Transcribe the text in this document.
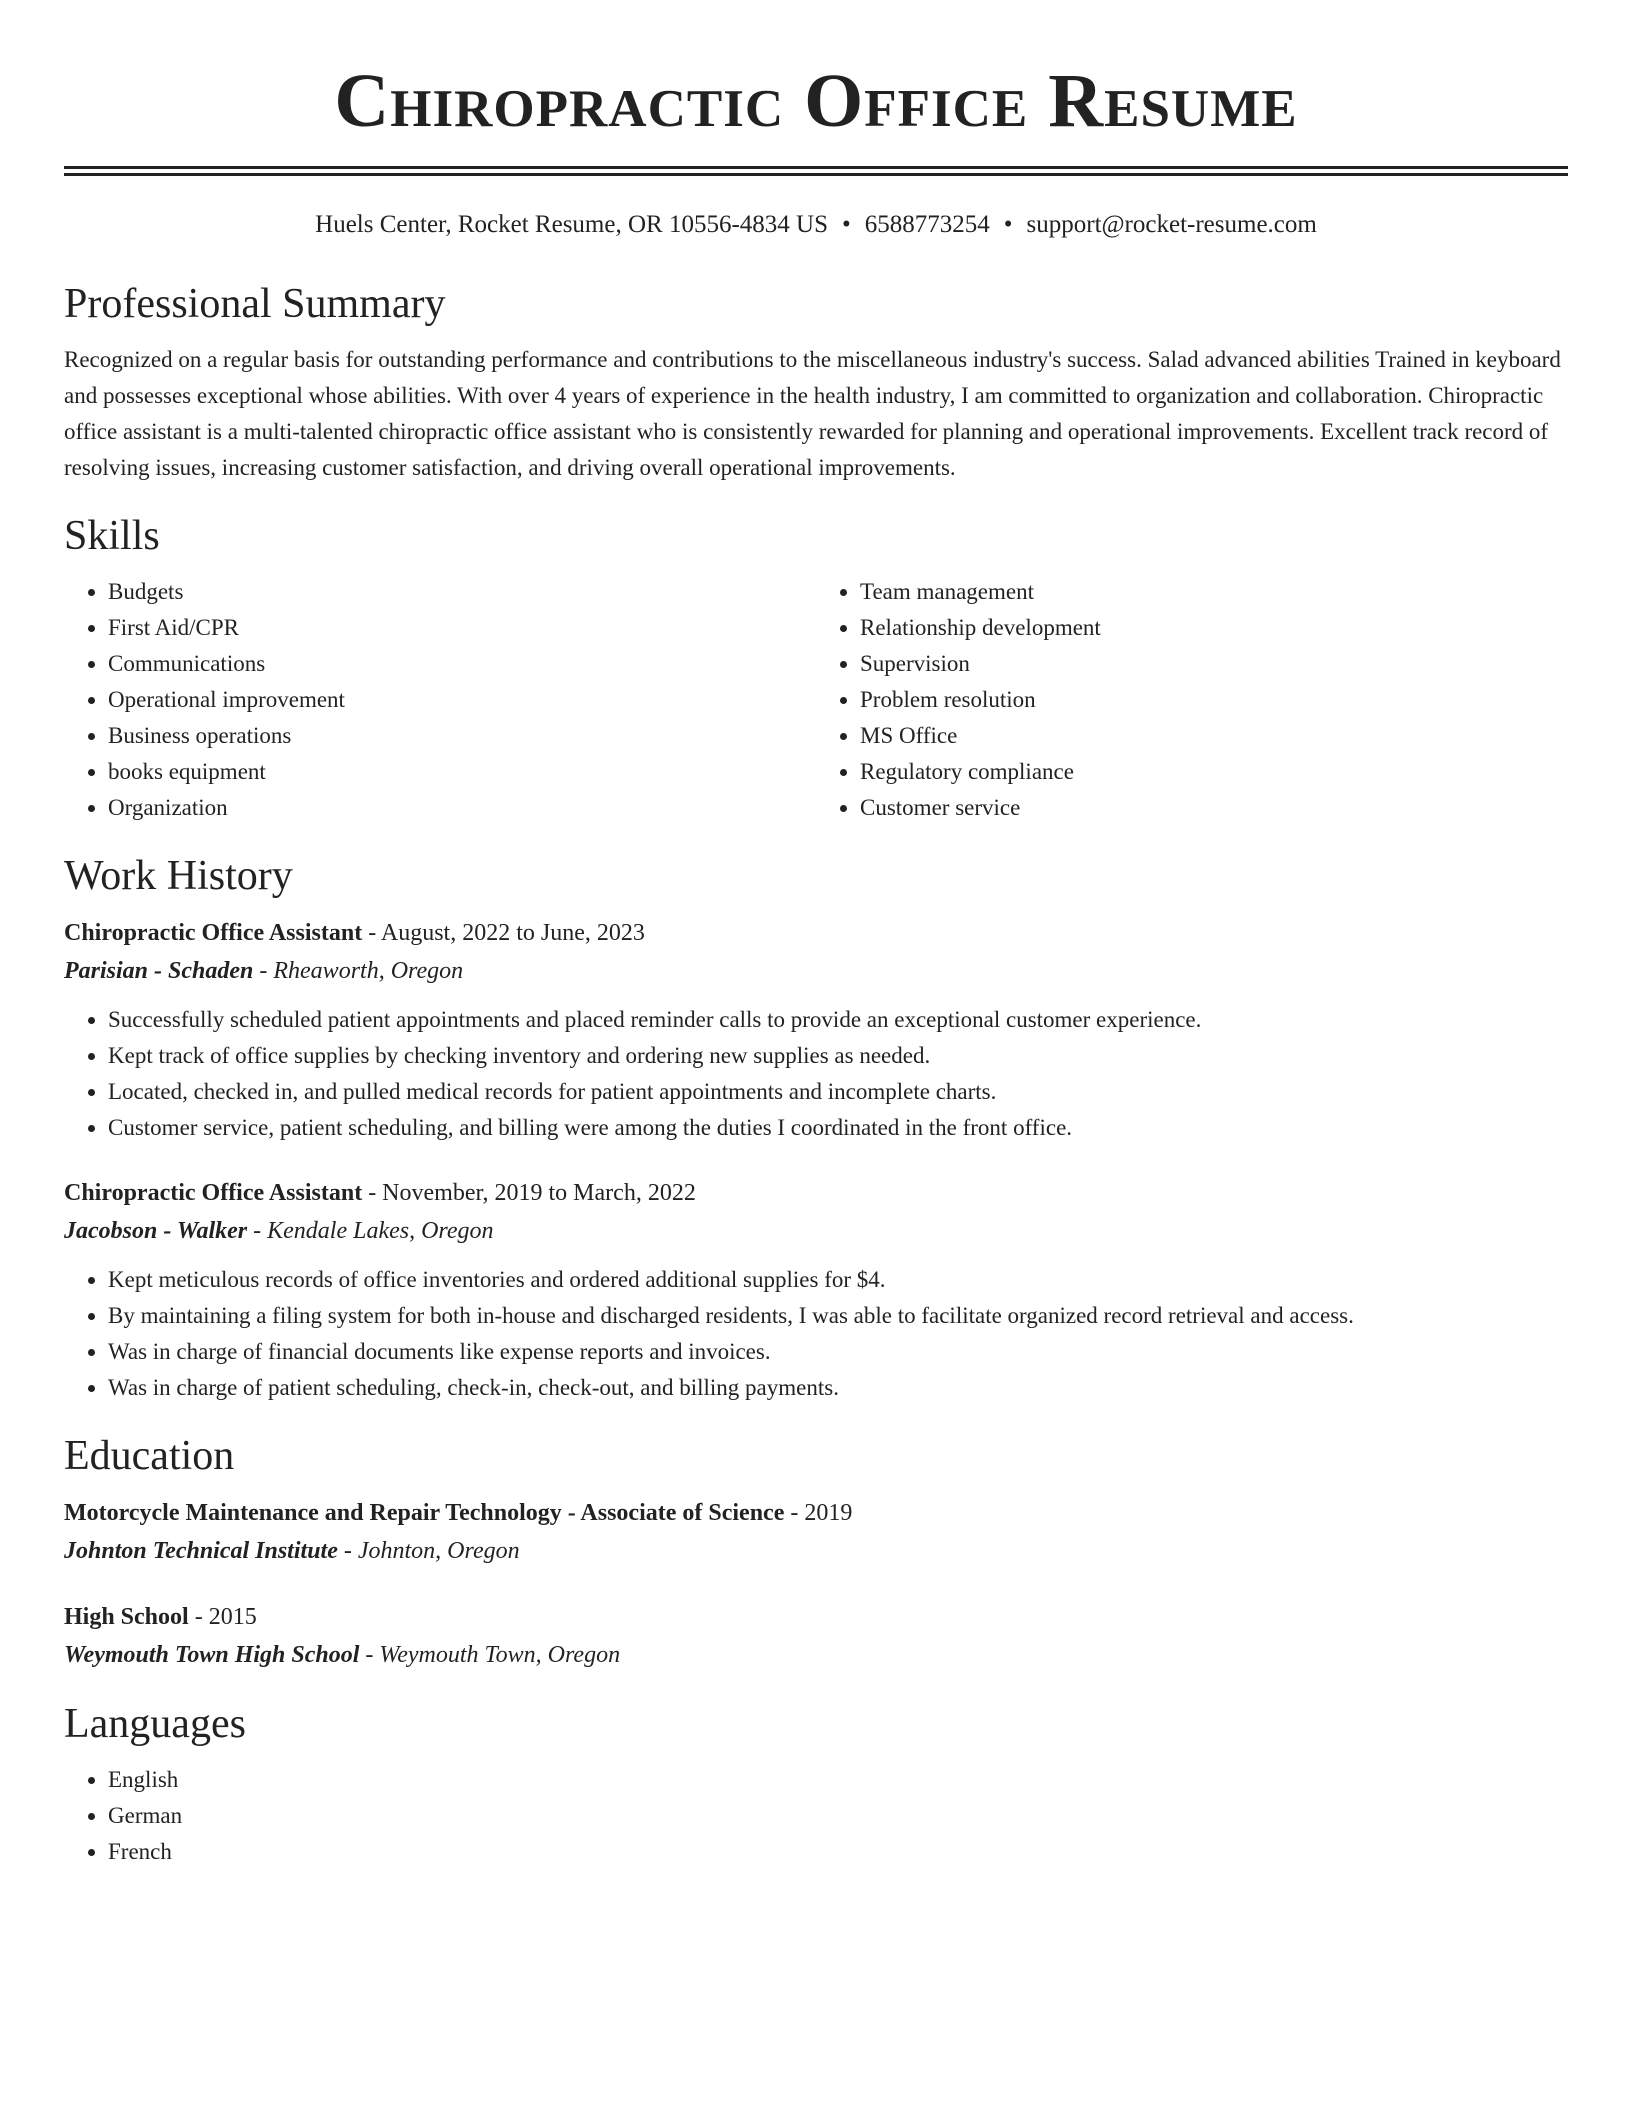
Chiropractic Office Resume
Huels Center, Rocket Resume, OR 10556-4834 US • 6588773254 • support@rocket-resume.com
Professional Summary
Recognized on a regular basis for outstanding performance and contributions to the miscellaneous industry's success. Salad advanced abilities Trained in keyboard and possesses exceptional whose abilities. With over 4 years of experience in the health industry, I am committed to organization and collaboration. Chiropractic office assistant is a multi-talented chiropractic office assistant who is consistently rewarded for planning and operational improvements. Excellent track record of resolving issues, increasing customer satisfaction, and driving overall operational improvements.
Skills
• Budgets
• First Aid/CPR
• Communications
• Operational improvement
• Business operations
• books equipment
• Organization
• Team management
• Relationship development
• Supervision
• Problem resolution
• MS Office
• Regulatory compliance
• Customer service
Work History
Chiropractic Office Assistant - August, 2022 to June, 2023
Parisian - Schaden - Rheaworth, Oregon
• Successfully scheduled patient appointments and placed reminder calls to provide an exceptional customer experience.
• Kept track of office supplies by checking inventory and ordering new supplies as needed.
• Located, checked in, and pulled medical records for patient appointments and incomplete charts.
• Customer service, patient scheduling, and billing were among the duties I coordinated in the front office.
Chiropractic Office Assistant - November, 2019 to March, 2022
Jacobson - Walker - Kendale Lakes, Oregon
• Kept meticulous records of office inventories and ordered additional supplies for $4.
• By maintaining a filing system for both in-house and discharged residents, I was able to facilitate organized record retrieval and access.
• Was in charge of financial documents like expense reports and invoices.
• Was in charge of patient scheduling, check-in, check-out, and billing payments.
Education
Motorcycle Maintenance and Repair Technology - Associate of Science - 2019
Johnton Technical Institute - Johnton, Oregon
High School - 2015
Weymouth Town High School - Weymouth Town, Oregon
Languages
• English
• German
• French
